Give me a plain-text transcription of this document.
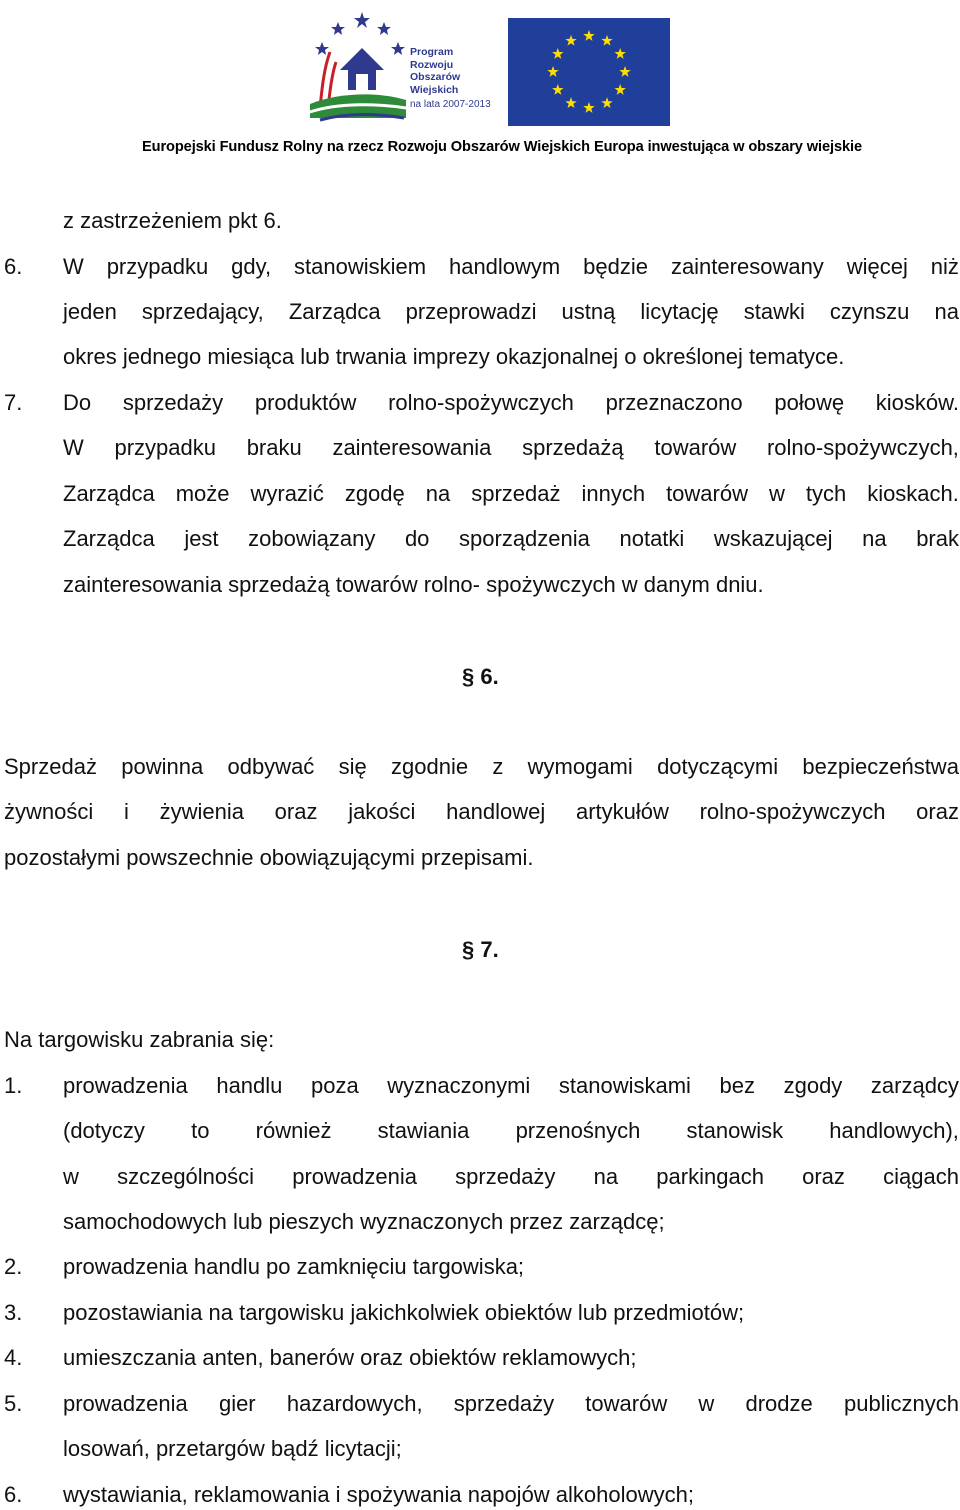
Program
Rozwoju
Obszarów
Wiejskich
na lata 2007-2013
Europejski Fundusz Rolny na rzecz Rozwoju Obszarów Wiejskich Europa inwestująca w obszary wiejskie
z zastrzeżeniem pkt 6.
6. W przypadku gdy, stanowiskiem handlowym będzie zainteresowany więcej niż
jeden sprzedający, Zarządca przeprowadzi ustną licytację stawki czynszu na
okres jednego miesiąca lub trwania imprezy okazjonalnej o określonej tematyce.
7. Do sprzedaży produktów rolno-spożywczych przeznaczono połowę kiosków.
W przypadku braku zainteresowania sprzedażą towarów rolno-spożywczych,
Zarządca może wyrazić zgodę na sprzedaż innych towarów w tych kioskach.
Zarządca jest zobowiązany do sporządzenia notatki wskazującej na brak
zainteresowania sprzedażą towarów rolno- spożywczych w danym dniu.
§ 6.
Sprzedaż powinna odbywać się zgodnie z wymogami dotyczącymi bezpieczeństwa
żywności i żywienia oraz jakości handlowej artykułów rolno-spożywczych oraz
pozostałymi powszechnie obowiązującymi przepisami.
§ 7.
Na targowisku zabrania się:
1. prowadzenia handlu poza wyznaczonymi stanowiskami bez zgody zarządcy
(dotyczy to również stawiania przenośnych stanowisk handlowych),
w szczególności prowadzenia sprzedaży na parkingach oraz ciągach
samochodowych lub pieszych wyznaczonych przez zarządcę;
2. prowadzenia handlu po zamknięciu targowiska;
3. pozostawiania na targowisku jakichkolwiek obiektów lub przedmiotów;
4. umieszczania anten, banerów oraz obiektów reklamowych;
5. prowadzenia gier hazardowych, sprzedaży towarów w drodze publicznych
losowań, przetargów bądź licytacji;
6. wystawiania, reklamowania i spożywania napojów alkoholowych;
